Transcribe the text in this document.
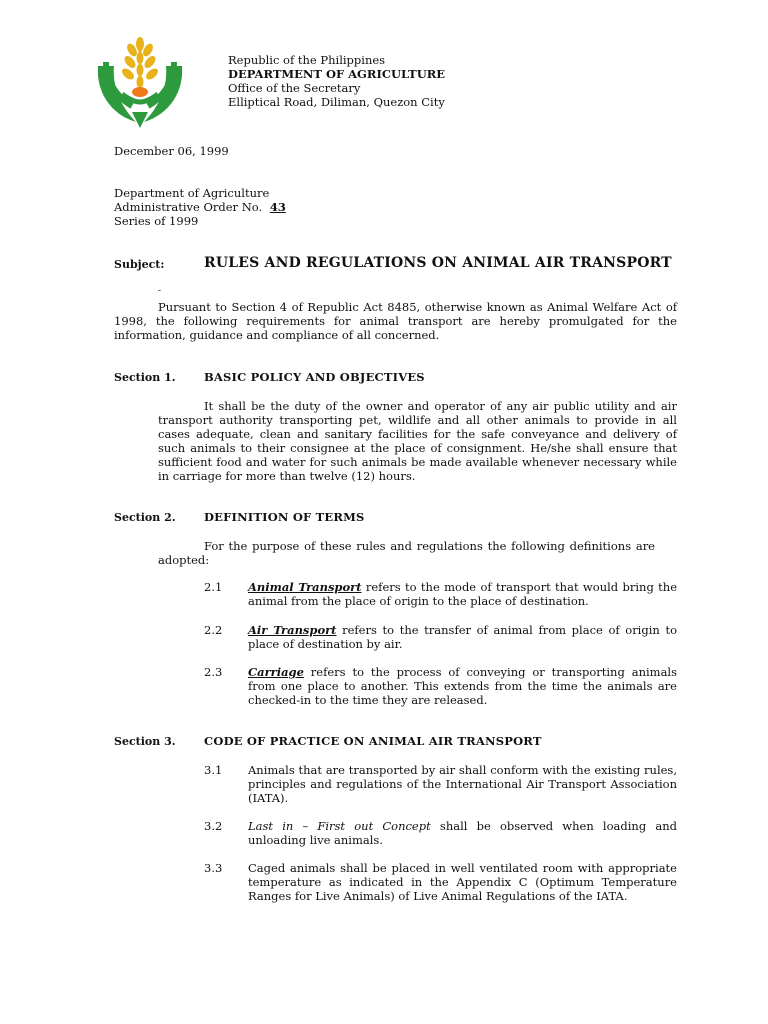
Republic of the Philippines
DEPARTMENT OF AGRICULTURE
Office of the Secretary
Elliptical Road, Diliman, Quezon City
December 06, 1999
Department of Agriculture
Administrative Order No. 43
Series of 1999
Subject:	RULES AND REGULATIONS ON ANIMAL AIR TRANSPORT
-
Pursuant to Section 4 of Republic Act 8485, otherwise known as Animal Welfare Act of 1998, the following requirements for animal transport are hereby promulgated for the information, guidance and compliance of all concerned.
Section 1. BASIC POLICY AND OBJECTIVES
It shall be the duty of the owner and operator of any air public utility and air transport authority transporting pet, wildlife and all other animals to provide in all cases adequate, clean and sanitary facilities for the safe conveyance and delivery of such animals to their consignee at the place of consignment. He/she shall ensure that sufficient food and water for such animals be made available whenever necessary while in carriage for more than twelve (12) hours.
Section 2. DEFINITION OF TERMS
For the purpose of these rules and regulations the following definitions are adopted:
2.1	Animal Transport refers to the mode of transport that would bring the animal from the place of origin to the place of destination.
2.2	Air Transport refers to the transfer of animal from place of origin to place of destination by air.
2.3	Carriage refers to the process of conveying or transporting animals from one place to another. This extends from the time the animals are checked-in to the time they are released.
Section 3. CODE OF PRACTICE ON ANIMAL AIR TRANSPORT
3.1 Animals that are transported by air shall conform with the existing rules, principles and regulations of the International Air Transport Association (IATA).
3.2 Last in – First out Concept shall be observed when loading and unloading live animals.
3.3 Caged animals shall be placed in well ventilated room with appropriate temperature as indicated in the Appendix C (Optimum Temperature Ranges for Live Animals) of Live Animal Regulations of the IATA.
